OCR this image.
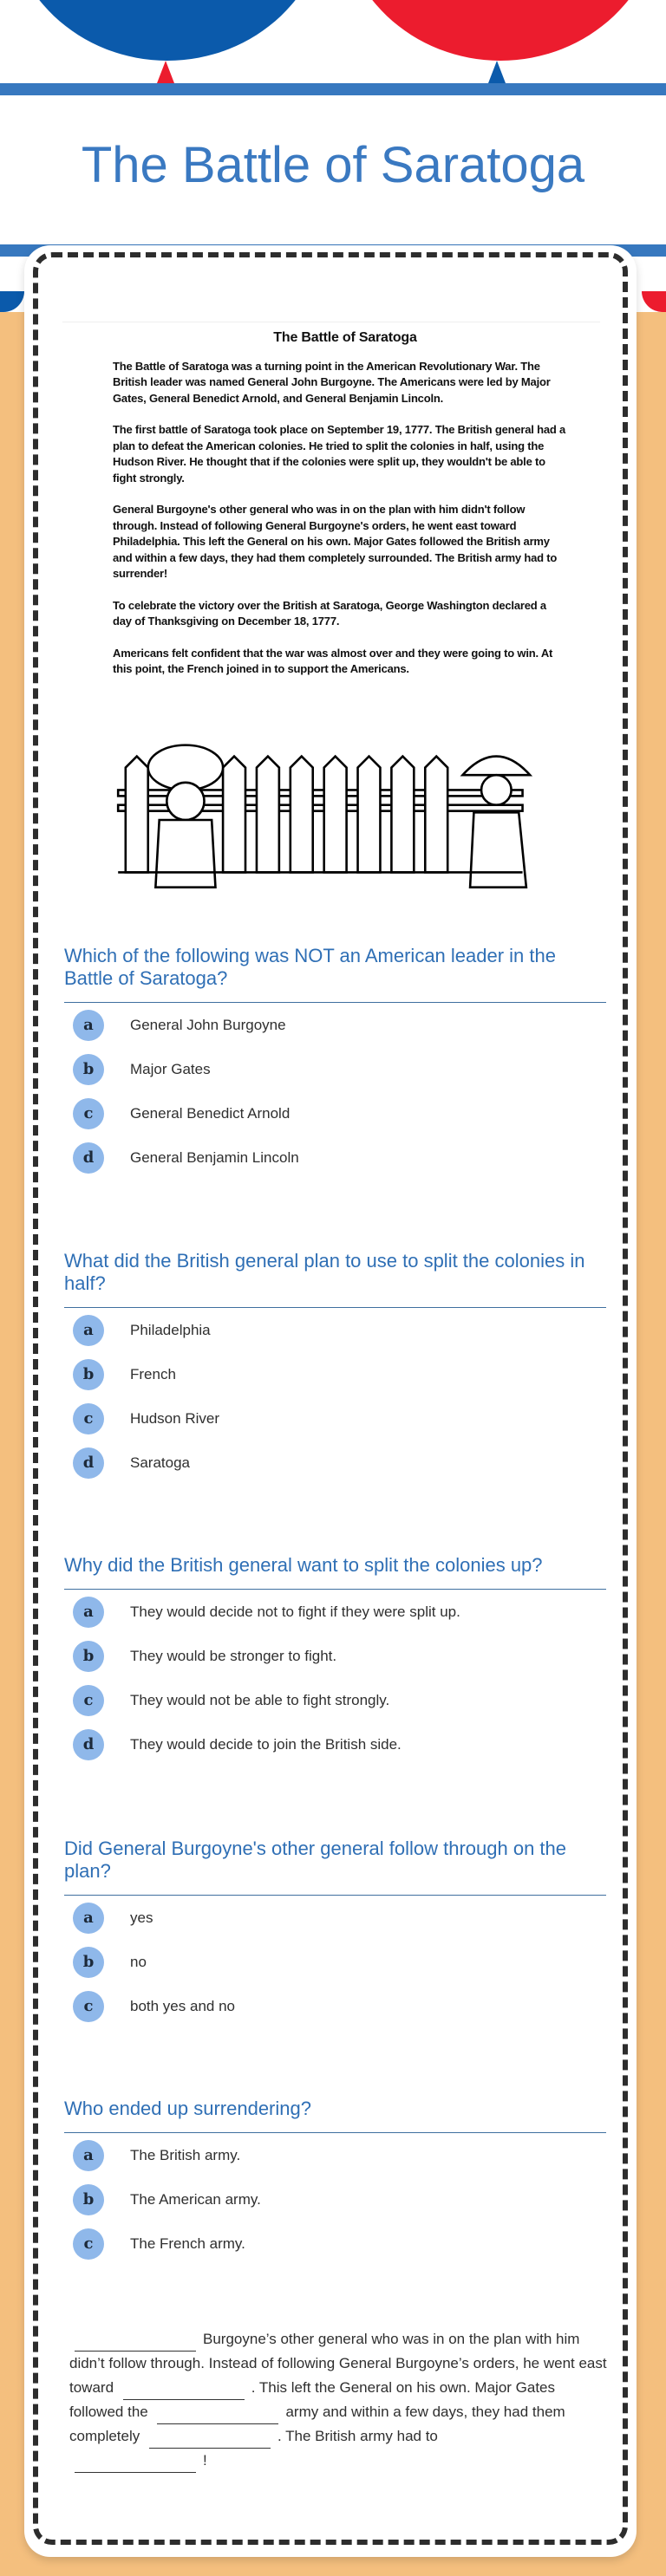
The Battle of Saratoga
The Battle of Saratoga

The Battle of Saratoga was a turning point in the American Revolutionary War. The British leader was named General John Burgoyne. The Americans were led by Major Gates, General Benedict Arnold, and General Benjamin Lincoln.

The first battle of Saratoga took place on September 19, 1777. The British general had a plan to defeat the American colonies. He tried to split the colonies in half, using the Hudson River. He thought that if the colonies were split up, they wouldn't be able to fight strongly.

General Burgoyne's other general who was in on the plan with him didn't follow through. Instead of following General Burgoyne's orders, he went east toward Philadelphia. This left the General on his own. Major Gates followed the British army and within a few days, they had them completely surrounded. The British army had to surrender!

To celebrate the victory over the British at Saratoga, George Washington declared a day of Thanksgiving on December 18, 1777.

Americans felt confident that the war was almost over and they were going to win. At this point, the French joined in to support the Americans.

Which of the following was NOT an American leader in the Battle of Saratoga?
a	General John Burgoyne
b	Major Gates
c	General Benedict Arnold
d	General Benjamin Lincoln
What did the British general plan to use to split the colonies in half?
a	Philadelphia
b	French
c	Hudson River
d	Saratoga
Why did the British general want to split the colonies up?
a	They would decide not to fight if they were split up.
b	They would be stronger to fight.
c	They would not be able to fight strongly.
d	They would decide to join the British side.
Did General Burgoyne's other general follow through on the plan?
a	yes
b	no
c	both yes and no
Who ended up surrendering?
a	The British army.
b	The American army.
c	The French army.
Burgoyne’s other general who was in on the plan with him didn’t follow through. Instead of following General Burgoyne’s orders, he went east toward	. This left the General on his own. Major Gates followed the	army and within a few days, they had them completely	. The British army had to
!
